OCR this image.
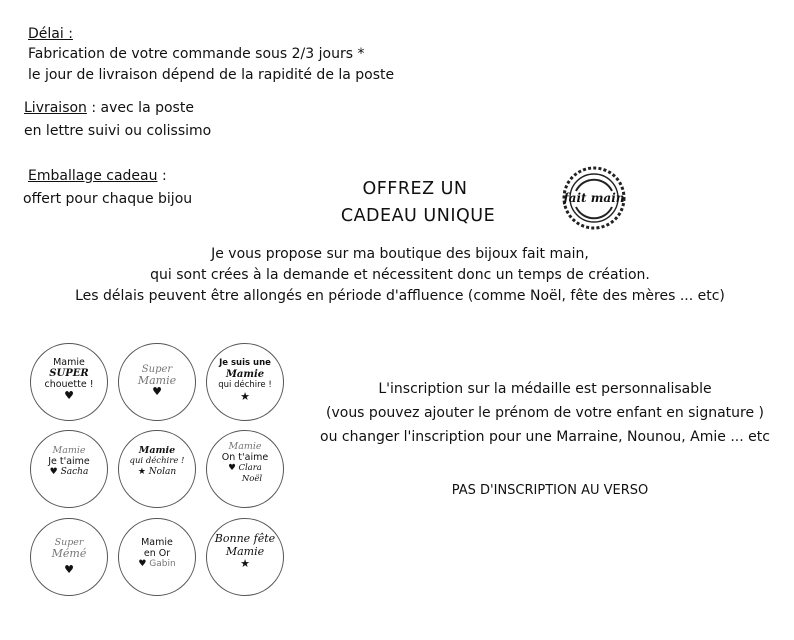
Délai :
Fabrication de votre commande sous 2/3 jours *
le jour de livraison dépend de la rapidité de la poste
Livraison : avec la poste
en lettre suivi ou colissimo
Emballage cadeau :
offert pour chaque bijou	OFFREZ UN
CADEAU UNIQUE
fait main
Je vous propose sur ma boutique des bijoux fait main,
qui sont crées à la demande et nécessitent donc un temps de création.
Les délais peuvent être allongés en période d'affluence (comme Noël, fête des mères ... etc)
L'inscription sur la médaille est personnalisable
(vous pouvez ajouter le prénom de votre enfant en signature )
ou changer l'inscription pour une Marraine, Nounou, Amie ... etc
PAS D'INSCRIPTION AU VERSO
Mamie
SUPER
chouette !
♥
Super
Mamie
♥
Je suis une
Mamie
qui déchire !
★
Mamie
Je t'aime
♥ Sacha
Mamie
qui déchire !
★ Nolan
Mamie
On t'aime
♥ Clara
Noël
Super
Mémé
♥
Mamie
en Or
♥ Gabin
Bonne fête
Mamie
★
